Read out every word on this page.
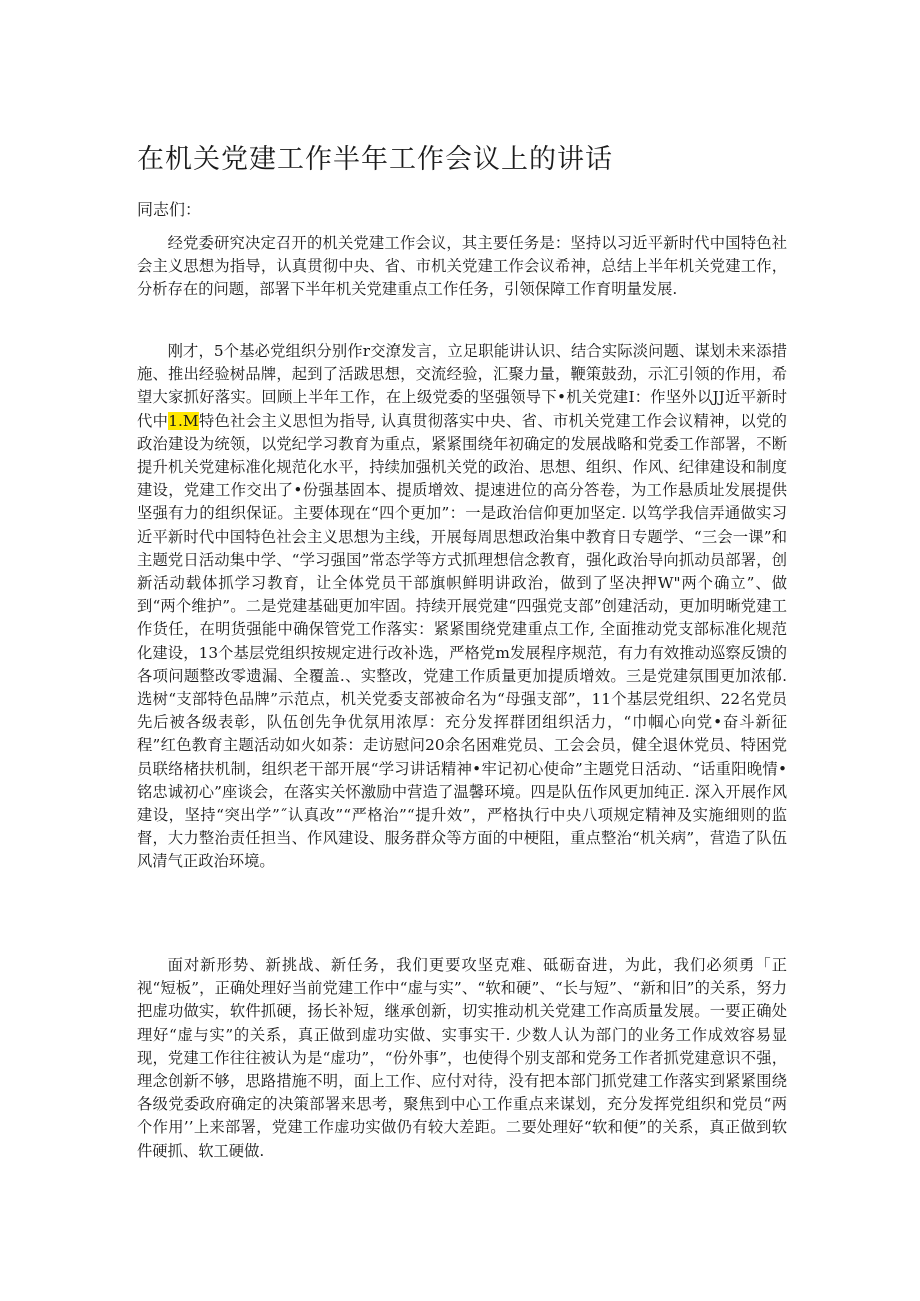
在机关党建工作半年工作会议上的讲话

同志们：

经党委研究决定召开的机关党建工作会议，其主要任务是：坚持以习近平新时代中国特色社会主义思想为指导，认真贯彻中央、省、市机关党建工作会议希神，总结上半年机关党建工作，分析存在的问题，部署下半年机关党建重点工作任务，引领保障工作育明量发展.

刚才，5个基必党组织分别作r交潦发言，立足职能讲认识、结合实际淡问题、谋划未来添措施、推出经验树品牌，起到了活跋思想，交流经验，汇聚力量，鞭策鼓劲，示汇引领的作用，希望大家抓好落实。回顾上半年工作，在上级党委的坚强领导下•机关党建I：作坚外以JJ近平新时代中1.M特色社会主义思怛为指导, 认真贯彻落实中央、省、市机关党建工作会议精神，以党的政治建设为统领，以党纪学习教育为重点，紧紧围绕年初确定的发展战略和党委工作部署，不断提升机关党建标准化规范化水平，持续加强机关党的政治、思想、组织、作风、纪律建设和制度建设，党建工作交出了•份强基固本、提质增效、提速进位的高分答卷，为工作悬质址发展提供坚强有力的组织保证。主要体现在“四个更加”：一是政治信仰更加坚定. 以笃学我信弄通做实习近平新时代中国特色社会主义思想为主线，开展每周思想政治集中教育日专题学、“三会一课”和主题党日活动集中学、“学习强国”常态学等方式抓理想信念教育，强化政治导向抓动员部署，创新活动载体抓学习教育，让全体党员干部旗帜鲜明讲政治，做到了坚决押W"两个确立”、做到“两个维护”。二是党建基础更加牢固。持续开展党建“四强党支部”创建活动，更加明晰党建工作货任，在明货强能中确保管党工作落实：紧紧围绕党建重点工作, 全面推动党支部标准化规范化建设，13个基层党组织按规定进行改补选，严格党m发展程序规范，有力有效推动巡察反馈的各项问题整改零遗漏、全覆盖.、实整改，党建工作质量更加提质增效。三是党建氛围更加浓郁. 选树“支部特色品牌”示范点，机关党委支部被命名为“母强支部”，11个基层党组织、22名党员先后被各级表彰，队伍创先争优氛用浓厚：充分发挥群团组织活力，“巾帼心向党•奋斗新征程”红色教育主题活动如火如荼：走访慰问20余名困难党员、工会会员，健全退休党员、特困党员联络楮扶机制，组织老干部开展“学习讲话精神•牢记初心使命”主题党日活动、“话重阳晚情•铭忠诚初心”座谈会，在落实关怀激励中营造了温馨环境。四是队伍作风更加纯正. 深入开展作风建设，坚持“突出学”˝认真改”“严格治”“提升效”，严格执行中央八项规定精神及实施细则的监督，大力整治责任担当、作风建设、服务群众等方面的中梗阻，重点整治“机关病”，营造了队伍风清气正政治环境。

面对新形势、新挑战、新任务，我们更要攻坚克难、砥砺奋进，为此，我们必须勇「正视“短板”，正确处理好当前党建工作中“虚与实”、“软和硬”、“长与短”、“新和旧”的关系，努力把虚功做实，软件抓硬，扬长补短，继承创新，切实推动机关党建工作高质量发展。一要正确处理好“虚与实”的关系，真正做到虚功实做、实事实干. 少数人认为部门的业务工作成效容易显现，党建工作往往被认为是“虚功”，“份外事”，也使得个别支部和党务工作者抓党建意识不强，理念创新不够，思路措施不明，面上工作、应付对待，没有把本部门抓党建工作落实到紧紧围绕各级党委政府确定的决策部署来思考，聚焦到中心工作重点来谋划，充分发挥党组织和党员“两个作用’’上来部署，党建工作虚功实做仍有较大差距。二要处理好“软和便”的关系，真正做到软件硬抓、软工硬做.
